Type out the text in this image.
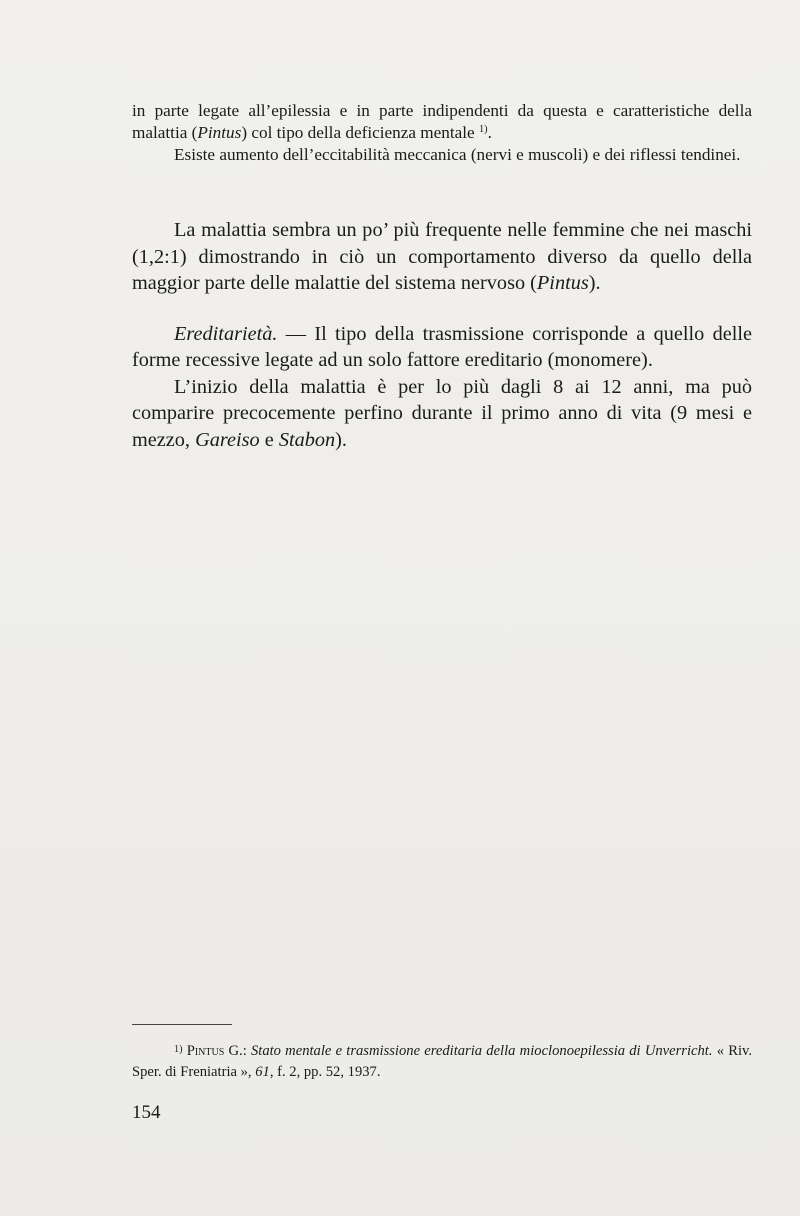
in parte legate all’epilessia e in parte indipendenti da questa e caratteristiche della malattia (Pintus) col tipo della deficienza mentale $^{1)}$.

Esiste aumento dell’eccitabilità meccanica (nervi e muscoli) e dei riflessi tendinei.

La malattia sembra un po’ più frequente nelle femmine che nei maschi (1,2:1) dimostrando in ciò un comportamento diverso da quello della maggior parte delle malattie del sistema nervoso (Pintus).

Ereditarietà. — Il tipo della trasmissione corrisponde a quello delle forme recessive legate ad un solo fattore ereditario (monomere).

L’inizio della malattia è per lo più dagli 8 ai 12 anni, ma può comparire precocemente perfino durante il primo anno di vita (9 mesi e mezzo, Gareiso e Stabon).

$^{1)}$ Pintus G.: Stato mentale e trasmissione ereditaria della mioclonoepilessia di Unverricht. « Riv. Sper. di Freniatria », 61, f. 2, pp. 52, 1937.

154
